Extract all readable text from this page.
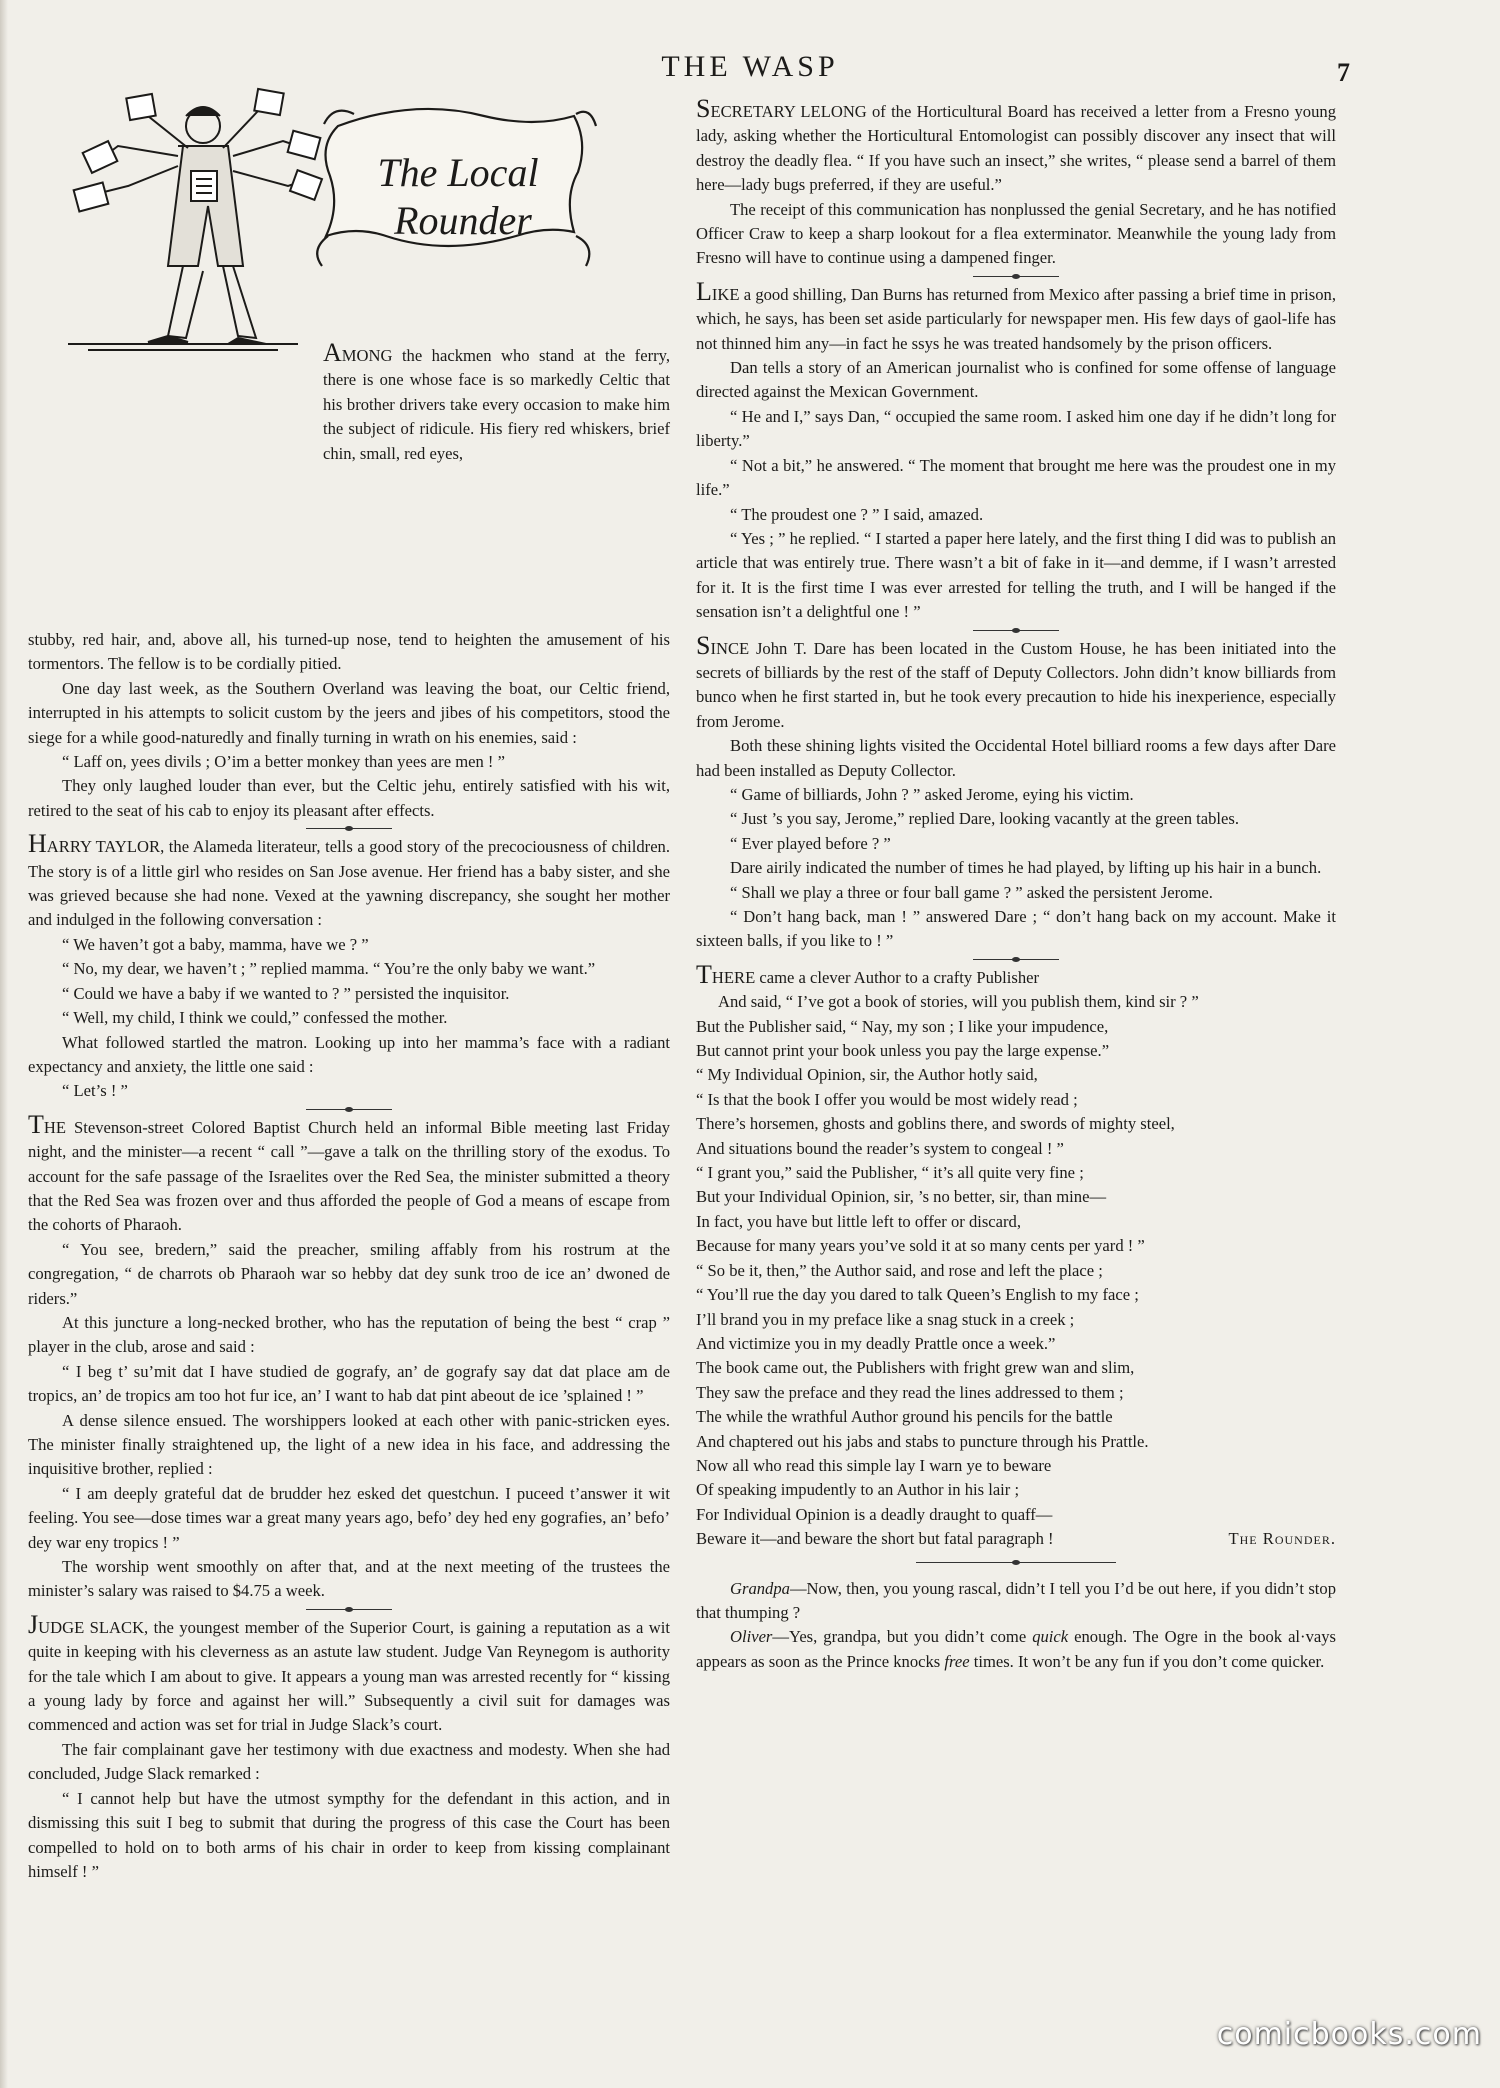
THE WASP	7
The Local
Rounder

AMONG the hackmen who stand at the ferry, there is one whose face is so markedly Celtic that his brother drivers take every occasion to make him the subject of ridicule. His fiery red whiskers, brief chin, small, red eyes,

stubby, red hair, and, above all, his turned-up nose, tend to heighten the amusement of his tormentors. The fellow is to be cordially pitied.

One day last week, as the Southern Overland was leaving the boat, our Celtic friend, interrupted in his attempts to solicit custom by the jeers and jibes of his competitors, stood the siege for a while good-naturedly and finally turning in wrath on his enemies, said :

“ Laff on, yees divils ; O’im a better monkey than yees are men ! ”

They only laughed louder than ever, but the Celtic jehu, entirely satisfied with his wit, retired to the seat of his cab to enjoy its pleasant after effects.

HARRY TAYLOR, the Alameda literateur, tells a good story of the precociousness of children. The story is of a little girl who resides on San Jose avenue. Her friend has a baby sister, and she was grieved because she had none. Vexed at the yawning discrepancy, she sought her mother and indulged in the following conversation :

“ We haven’t got a baby, mamma, have we ? ”

“ No, my dear, we haven’t ; ” replied mamma. “ You’re the only baby we want.”

“ Could we have a baby if we wanted to ? ” persisted the inquisitor.

“ Well, my child, I think we could,” confessed the mother.

What followed startled the matron. Looking up into her mamma’s face with a radiant expectancy and anxiety, the little one said :

“ Let’s ! ”

THE Stevenson-street Colored Baptist Church held an informal Bible meeting last Friday night, and the minister—a recent “ call ”—gave a talk on the thrilling story of the exodus. To account for the safe passage of the Israelites over the Red Sea, the minister submitted a theory that the Red Sea was frozen over and thus afforded the people of God a means of escape from the cohorts of Pharaoh.

“ You see, bredern,” said the preacher, smiling affably from his rostrum at the congregation, “ de charrots ob Pharaoh war so hebby dat dey sunk troo de ice an’ dwoned de riders.”

At this juncture a long-necked brother, who has the reputation of being the best “ crap ” player in the club, arose and said :

“ I beg t’ su’mit dat I have studied de gografy, an’ de gografy say dat dat place am de tropics, an’ de tropics am too hot fur ice, an’ I want to hab dat pint abeout de ice ’splained ! ”

A dense silence ensued. The worshippers looked at each other with panic-stricken eyes. The minister finally straightened up, the light of a new idea in his face, and addressing the inquisitive brother, replied :

“ I am deeply grateful dat de brudder hez esked det questchun. I puceed t’answer it wit feeling. You see—dose times war a great many years ago, befo’ dey hed eny gografies, an’ befo’ dey war eny tropics ! ”

The worship went smoothly on after that, and at the next meeting of the trustees the minister’s salary was raised to $4.75 a week.

JUDGE SLACK, the youngest member of the Superior Court, is gaining a reputation as a wit quite in keeping with his cleverness as an astute law student. Judge Van Reynegom is authority for the tale which I am about to give. It appears a young man was arrested recently for “ kissing a young lady by force and against her will.” Subsequently a civil suit for damages was commenced and action was set for trial in Judge Slack’s court.

The fair complainant gave her testimony with due exactness and modesty. When she had concluded, Judge Slack remarked :

“ I cannot help but have the utmost sympthy for the defendant in this action, and in dismissing this suit I beg to submit that during the progress of this case the Court has been compelled to hold on to both arms of his chair in order to keep from kissing complainant himself ! ”

SECRETARY LELONG of the Horticultural Board has received a letter from a Fresno young lady, asking whether the Horticultural Entomologist can possibly discover any insect that will destroy the deadly flea. “ If you have such an insect,” she writes, “ please send a barrel of them here—lady bugs preferred, if they are useful.”

The receipt of this communication has nonplussed the genial Secretary, and he has notified Officer Craw to keep a sharp lookout for a flea exterminator. Meanwhile the young lady from Fresno will have to continue using a dampened finger.

LIKE a good shilling, Dan Burns has returned from Mexico after passing a brief time in prison, which, he says, has been set aside particularly for newspaper men. His few days of gaol-life has not thinned him any—in fact he ssys he was treated handsomely by the prison officers.

Dan tells a story of an American journalist who is confined for some offense of language directed against the Mexican Government.

“ He and I,” says Dan, “ occupied the same room. I asked him one day if he didn’t long for liberty.”

“ Not a bit,” he answered. “ The moment that brought me here was the proudest one in my life.”

“ The proudest one ? ” I said, amazed.

“ Yes ; ” he replied. “ I started a paper here lately, and the first thing I did was to publish an article that was entirely true. There wasn’t a bit of fake in it—and demme, if I wasn’t arrested for it. It is the first time I was ever arrested for telling the truth, and I will be hanged if the sensation isn’t a delightful one ! ”

SINCE John T. Dare has been located in the Custom House, he has been initiated into the secrets of billiards by the rest of the staff of Deputy Collectors. John didn’t know billiards from bunco when he first started in, but he took every precaution to hide his inexperience, especially from Jerome.

Both these shining lights visited the Occidental Hotel billiard rooms a few days after Dare had been installed as Deputy Collector.

“ Game of billiards, John ? ” asked Jerome, eying his victim.

“ Just ’s you say, Jerome,” replied Dare, looking vacantly at the green tables.

“ Ever played before ? ”

Dare airily indicated the number of times he had played, by lifting up his hair in a bunch.

“ Shall we play a three or four ball game ? ” asked the persistent Jerome.

“ Don’t hang back, man ! ” answered Dare ; “ don’t hang back on my account. Make it sixteen balls, if you like to ! ”

THERE came a clever Author to a crafty Publisher

And said, “ I’ve got a book of stories, will you publish them, kind sir ? ”

But the Publisher said, “ Nay, my son ; I like your impudence,

But cannot print your book unless you pay the large expense.”

“ My Individual Opinion, sir, the Author hotly said,

“ Is that the book I offer you would be most widely read ;

There’s horsemen, ghosts and goblins there, and swords of mighty steel,

And situations bound the reader’s system to congeal ! ”

“ I grant you,” said the Publisher, “ it’s all quite very fine ;

But your Individual Opinion, sir, ’s no better, sir, than mine—

In fact, you have but little left to offer or discard,

Because for many years you’ve sold it at so many cents per yard ! ”

“ So be it, then,” the Author said, and rose and left the place ;

“ You’ll rue the day you dared to talk Queen’s English to my face ;

I’ll brand you in my preface like a snag stuck in a creek ;

And victimize you in my deadly Prattle once a week.”

The book came out, the Publishers with fright grew wan and slim,

They saw the preface and they read the lines addressed to them ;

The while the wrathful Author ground his pencils for the battle

And chaptered out his jabs and stabs to puncture through his Prattle.

Now all who read this simple lay I warn ye to beware

Of speaking impudently to an Author in his lair ;

For Individual Opinion is a deadly draught to quaff—

Beware it—and beware the short but fatal paragraph !	The Rounder.

Grandpa—Now, then, you young rascal, didn’t I tell you I’d be out here, if you didn’t stop that thumping ?

Oliver—Yes, grandpa, but you didn’t come quick enough. The Ogre in the book al·vays appears as soon as the Prince knocks free times. It won’t be any fun if you don’t come quicker.

comicbooks.com
